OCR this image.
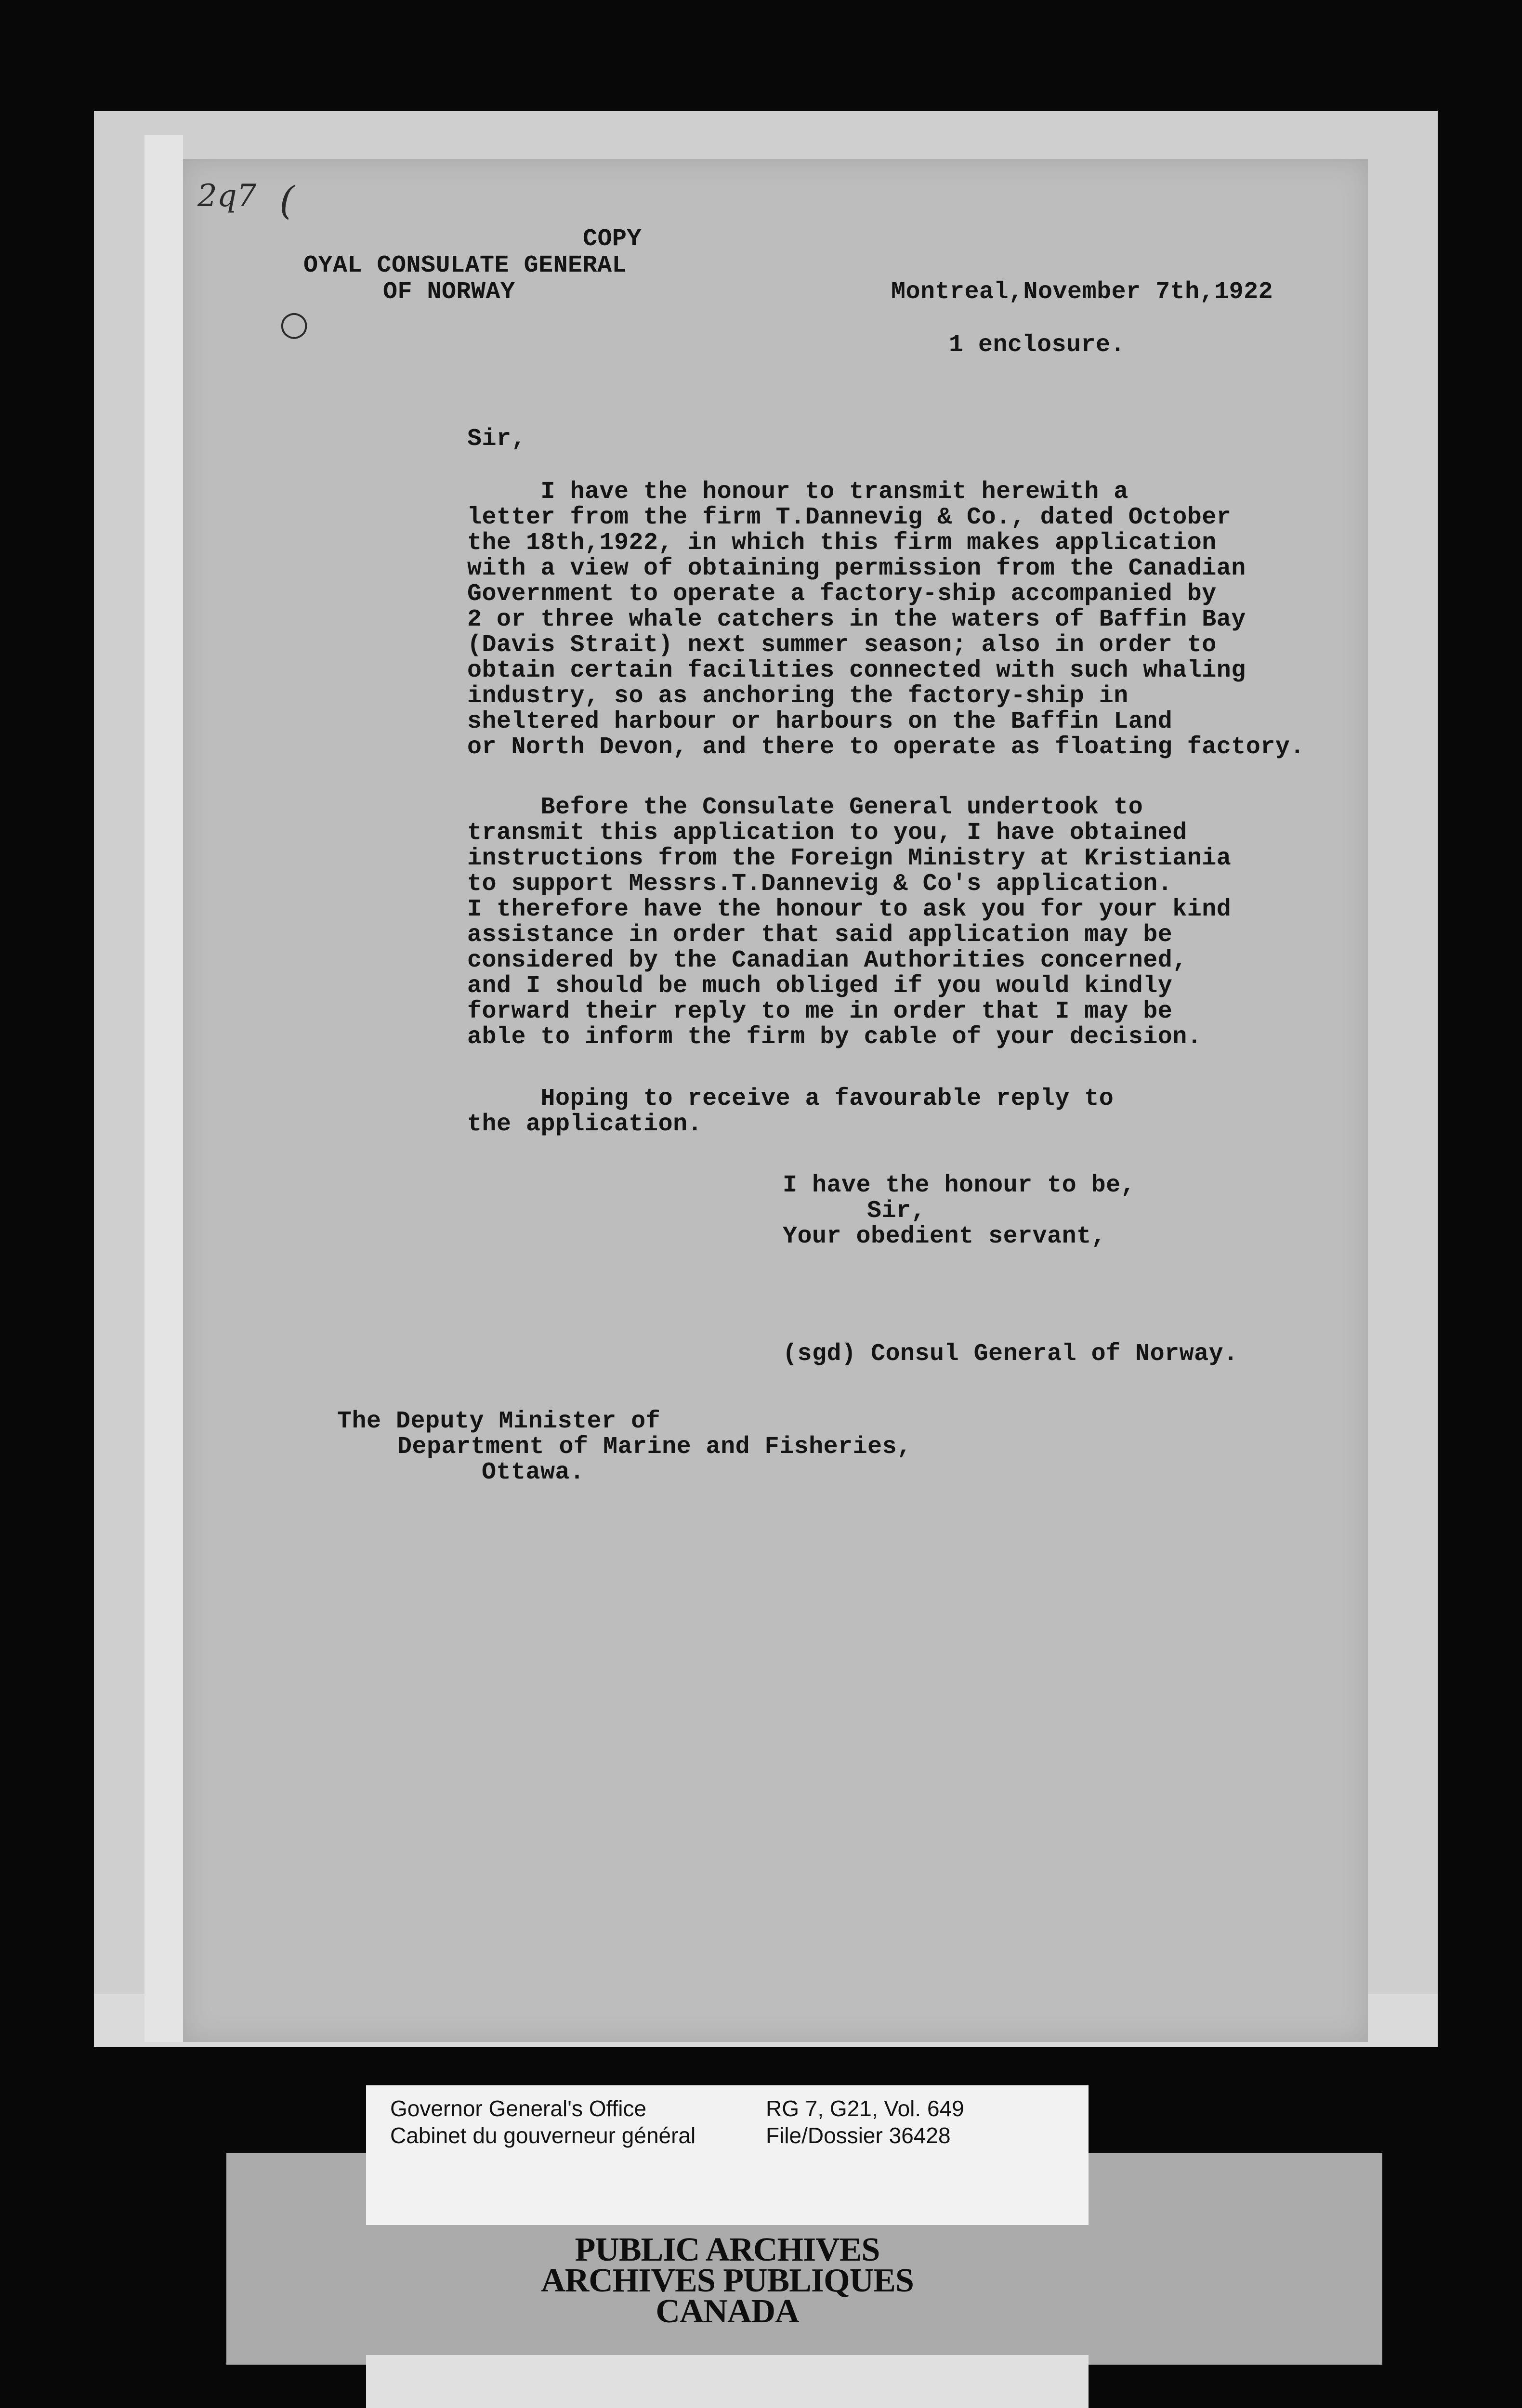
2q7 (
○
COPY
OYAL CONSULATE GENERAL
OF NORWAY	Montreal,November 7th,1922
1 enclosure.
Sir,
I have the honour to transmit herewith a
letter from the firm T.Dannevig & Co., dated October
the 18th,1922, in which this firm makes application
with a view of obtaining permission from the Canadian
Government to operate a factory-ship accompanied by
2 or three whale catchers in the waters of Baffin Bay
(Davis Strait) next summer season; also in order to
obtain certain facilities connected with such whaling
industry, so as anchoring the factory-ship in
sheltered harbour or harbours on the Baffin Land
or North Devon, and there to operate as floating factory.
Before the Consulate General undertook to
transmit this application to you, I have obtained
instructions from the Foreign Ministry at Kristiania
to support Messrs.T.Dannevig & Co's application.
I therefore have the honour to ask you for your kind
assistance in order that said application may be
considered by the Canadian Authorities concerned,
and I should be much obliged if you would kindly
forward their reply to me in order that I may be
able to inform the firm by cable of your decision.
Hoping to receive a favourable reply to
the application.
I have the honour to be,
Sir,
Your obedient servant,
(sgd) Consul General of Norway.
The Deputy Minister of
Department of Marine and Fisheries,
Ottawa.
Governor General's Office
Cabinet du gouverneur général
RG 7, G21, Vol. 649
File/Dossier 36428
PUBLIC ARCHIVES
ARCHIVES PUBLIQUES
CANADA
